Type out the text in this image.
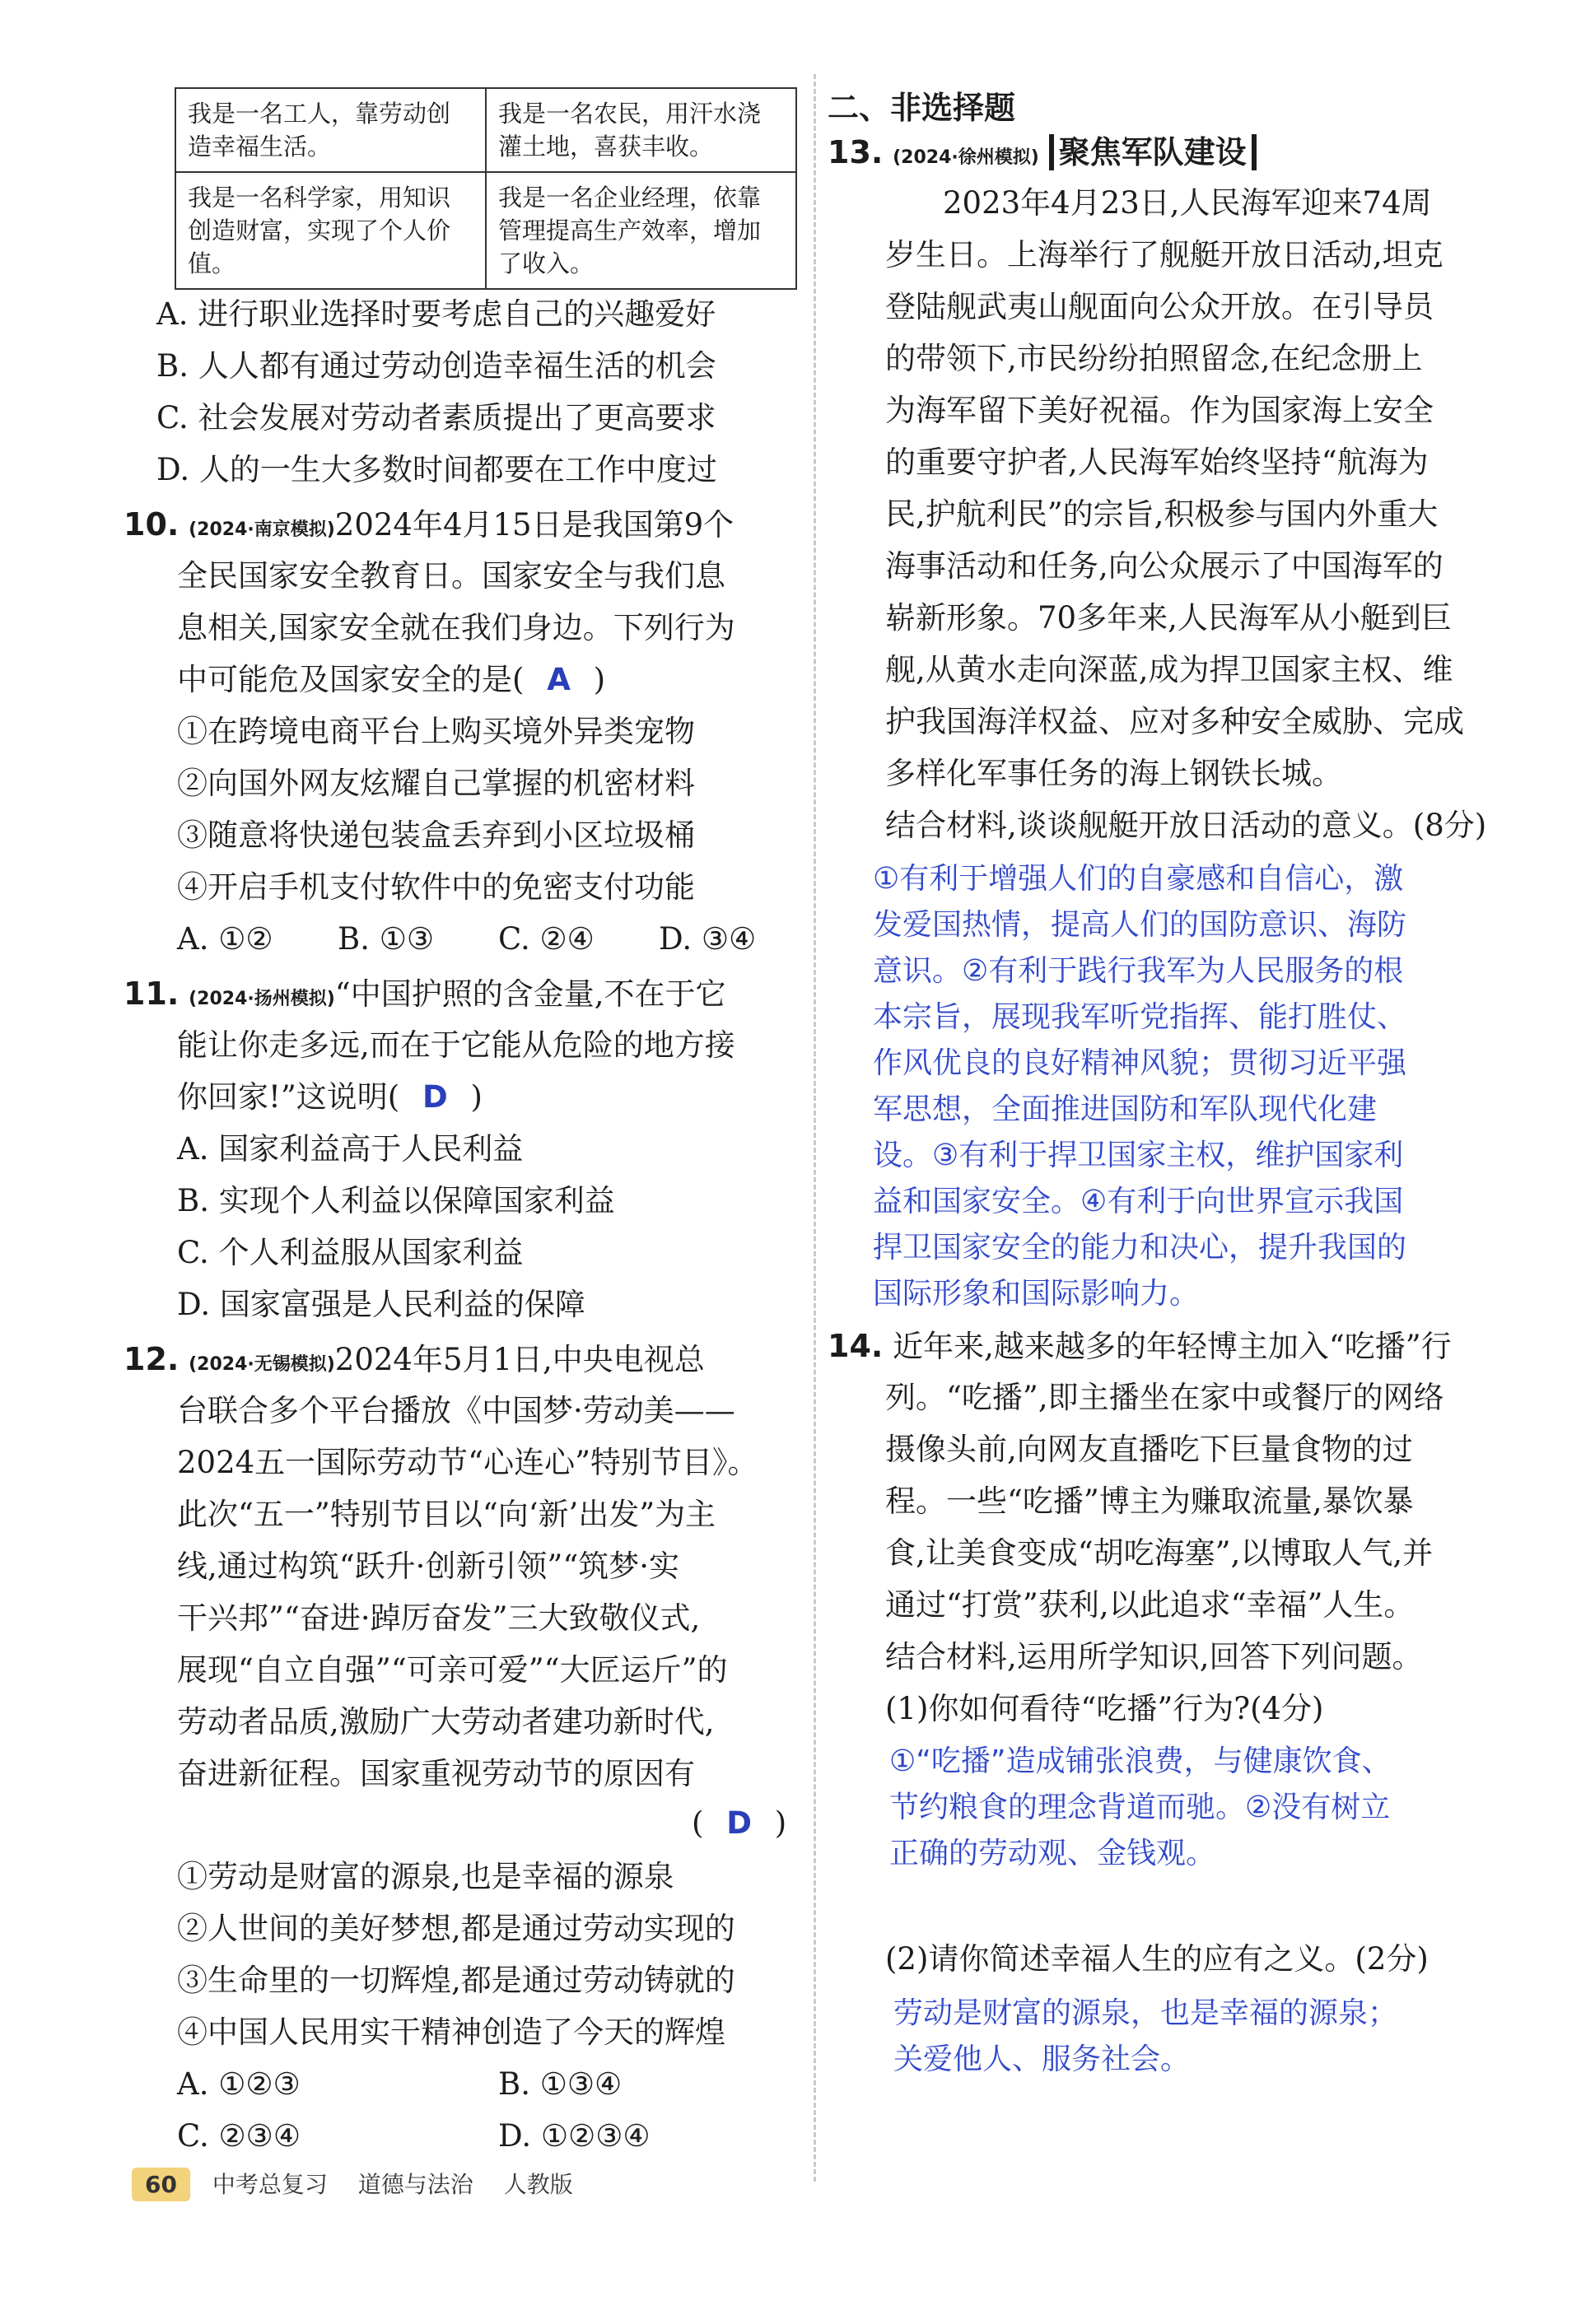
我是一名工人，靠劳动创造幸福生活。	我是一名农民，用汗水浇灌土地，喜获丰收。
我是一名科学家，用知识创造财富，实现了个人价值。	我是一名企业经理，依靠管理提高生产效率，增加了收入。
A. 进行职业选择时要考虑自己的兴趣爱好
B. 人人都有通过劳动创造幸福生活的机会
C. 社会发展对劳动者素质提出了更高要求
D. 人的一生大多数时间都要在工作中度过
10. (2024·南京模拟)2024年4月15日是我国第9个
全民国家安全教育日。国家安全与我们息
息相关,国家安全就在我们身边。下列行为
中可能危及国家安全的是( A )
①在跨境电商平台上购买境外异类宠物
②向国外网友炫耀自己掌握的机密材料
③随意将快递包装盒丢弃到小区垃圾桶
④开启手机支付软件中的免密支付功能
A. ①② B. ①③ C. ②④ D. ③④
11. (2024·扬州模拟)“中国护照的含金量,不在于它
能让你走多远,而在于它能从危险的地方接
你回家!”这说明( D )
A. 国家利益高于人民利益
B. 实现个人利益以保障国家利益
C. 个人利益服从国家利益
D. 国家富强是人民利益的保障
12. (2024·无锡模拟)2024年5月1日,中央电视总
台联合多个平台播放《中国梦·劳动美——
2024五一国际劳动节“心连心”特别节目》。
此次“五一”特别节目以“向‘新’出发”为主
线,通过构筑“跃升·创新引领”“筑梦·实
干兴邦”“奋进·踔厉奋发”三大致敬仪式,
展现“自立自强”“可亲可爱”“大匠运斤”的
劳动者品质,激励广大劳动者建功新时代,
奋进新征程。国家重视劳动节的原因有
( D )
①劳动是财富的源泉,也是幸福的源泉
②人世间的美好梦想,都是通过劳动实现的
③生命里的一切辉煌,都是通过劳动铸就的
④中国人民用实干精神创造了今天的辉煌
A. ①②③	B. ①③④
C. ②③④	D. ①②③④
二、非选择题
13. (2024·徐州模拟) 聚焦军队建设
2023年4月23日,人民海军迎来74周
岁生日。上海举行了舰艇开放日活动,坦克
登陆舰武夷山舰面向公众开放。在引导员
的带领下,市民纷纷拍照留念,在纪念册上
为海军留下美好祝福。作为国家海上安全
的重要守护者,人民海军始终坚持“航海为
民,护航利民”的宗旨,积极参与国内外重大
海事活动和任务,向公众展示了中国海军的
崭新形象。70多年来,人民海军从小艇到巨
舰,从黄水走向深蓝,成为捍卫国家主权、维
护我国海洋权益、应对多种安全威胁、完成
多样化军事任务的海上钢铁长城。
结合材料,谈谈舰艇开放日活动的意义。(8分)
①有利于增强人们的自豪感和自信心，激
发爱国热情，提高人们的国防意识、海防
意识。②有利于践行我军为人民服务的根
本宗旨，展现我军听党指挥、能打胜仗、
作风优良的良好精神风貌；贯彻习近平强
军思想，全面推进国防和军队现代化建
设。③有利于捍卫国家主权，维护国家利
益和国家安全。④有利于向世界宣示我国
捍卫国家安全的能力和决心，提升我国的
国际形象和国际影响力。
14. 近年来,越来越多的年轻博主加入“吃播”行
列。“吃播”,即主播坐在家中或餐厅的网络
摄像头前,向网友直播吃下巨量食物的过
程。一些“吃播”博主为赚取流量,暴饮暴
食,让美食变成“胡吃海塞”,以博取人气,并
通过“打赏”获利,以此追求“幸福”人生。
结合材料,运用所学知识,回答下列问题。
(1)你如何看待“吃播”行为?(4分)
①“吃播”造成铺张浪费，与健康饮食、
节约粮食的理念背道而驰。②没有树立
正确的劳动观、金钱观。
(2)请你简述幸福人生的应有之义。(2分)
劳动是财富的源泉，也是幸福的源泉；
关爱他人、服务社会。
60 中考总复习 道德与法治 人教版
